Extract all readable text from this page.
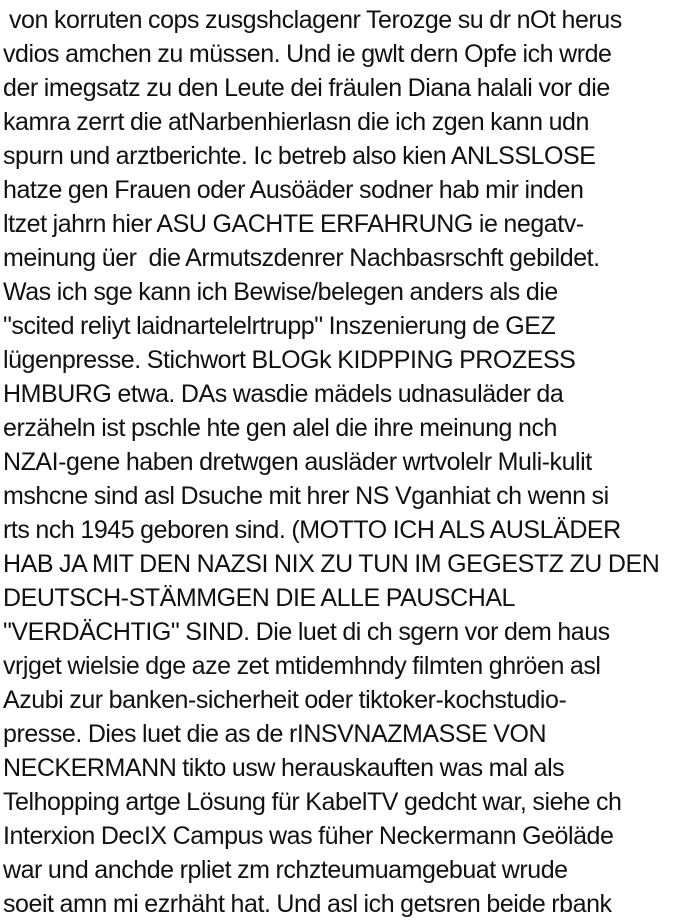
von korruten cops zusgshclagenr Terozge su dr nOt herus
vdios amchen zu müssen. Und ie gwlt dern Opfe ich wrde
der imegsatz zu den Leute dei fräulen Diana halali vor die
kamra zerrt die atNarbenhierlasn die ich zgen kann udn
spurn und arztberichte. Ic betreb also kien ANLSSLOSE
hatze gen Frauen oder Ausöäder sodner hab mir inden
ltzet jahrn hier ASU GACHTE ERFAHRUNG ie negatv-
meinung üer  die Armutszdenrer Nachbasrschft gebildet.
Was ich sge kann ich Bewise/belegen anders als die
"scited reliyt laidnartelelrtrupp" Inszenierung de GEZ
lügenpresse. Stichwort BLOGk KIDPPING PROZESS
HMBURG etwa. DAs wasdie mädels udnasuläder da
erzäheln ist pschle hte gen alel die ihre meinung nch
NZAI-gene haben dretwgen ausläder wrtvolelr Muli-kulit
mshcne sind asl Dsuche mit hrer NS Vganhiat ch wenn si
rts nch 1945 geboren sind. (MOTTO ICH ALS AUSLÄDER
HAB JA MIT DEN NAZSI NIX ZU TUN IM GEGESTZ ZU DEN
DEUTSCH-STÄMMGEN DIE ALLE PAUSCHAL
"VERDÄCHTIG" SIND. Die luet di ch sgern vor dem haus
vrjget wielsie dge aze zet mtidemhndy filmten ghröen asl
Azubi zur banken-sicherheit oder tiktoker-kochstudio-
presse. Dies luet die as de rINSVNAZMASSE VON
NECKERMANN tikto usw herauskauften was mal als
Telhopping artge Lösung für KabelTV gedcht war, siehe ch
Interxion DecIX Campus was füher Neckermann Geöläde
war und anchde rpliet zm rchzteumuamgebuat wrude
soeit amn mi ezrhäht hat. Und asl ich getsren beide rbank
